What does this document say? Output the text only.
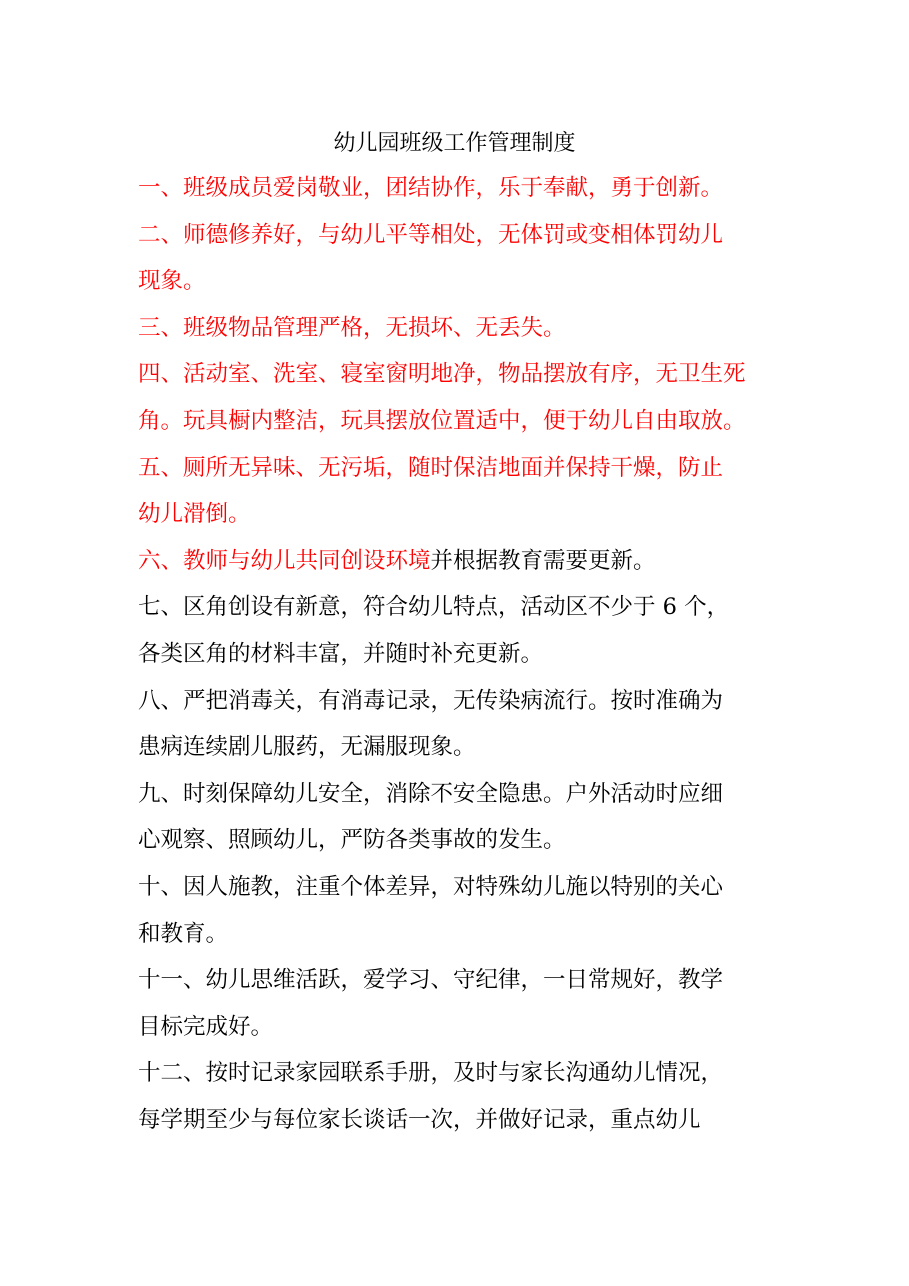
幼儿园班级工作管理制度
一、班级成员爱岗敬业，团结协作，乐于奉献，勇于创新。
二、师德修养好，与幼儿平等相处，无体罚或变相体罚幼儿
现象。
三、班级物品管理严格，无损坏、无丢失。
四、活动室、洗室、寝室窗明地净，物品摆放有序，无卫生死
角。玩具橱内整洁，玩具摆放位置适中，便于幼儿自由取放。
五、厕所无异味、无污垢，随时保洁地面并保持干燥，防止
幼儿滑倒。
六、教师与幼儿共同创设环境并根据教育需要更新。
七、区角创设有新意，符合幼儿特点，活动区不少于 6 个，
各类区角的材料丰富，并随时补充更新。
八、严把消毒关，有消毒记录，无传染病流行。按时准确为
患病连续剧儿服药，无漏服现象。
九、时刻保障幼儿安全，消除不安全隐患。户外活动时应细
心观察、照顾幼儿，严防各类事故的发生。
十、因人施教，注重个体差异，对特殊幼儿施以特别的关心
和教育。
十一、幼儿思维活跃，爱学习、守纪律，一日常规好，教学
目标完成好。
十二、按时记录家园联系手册，及时与家长沟通幼儿情况，
每学期至少与每位家长谈话一次，并做好记录，重点幼儿
